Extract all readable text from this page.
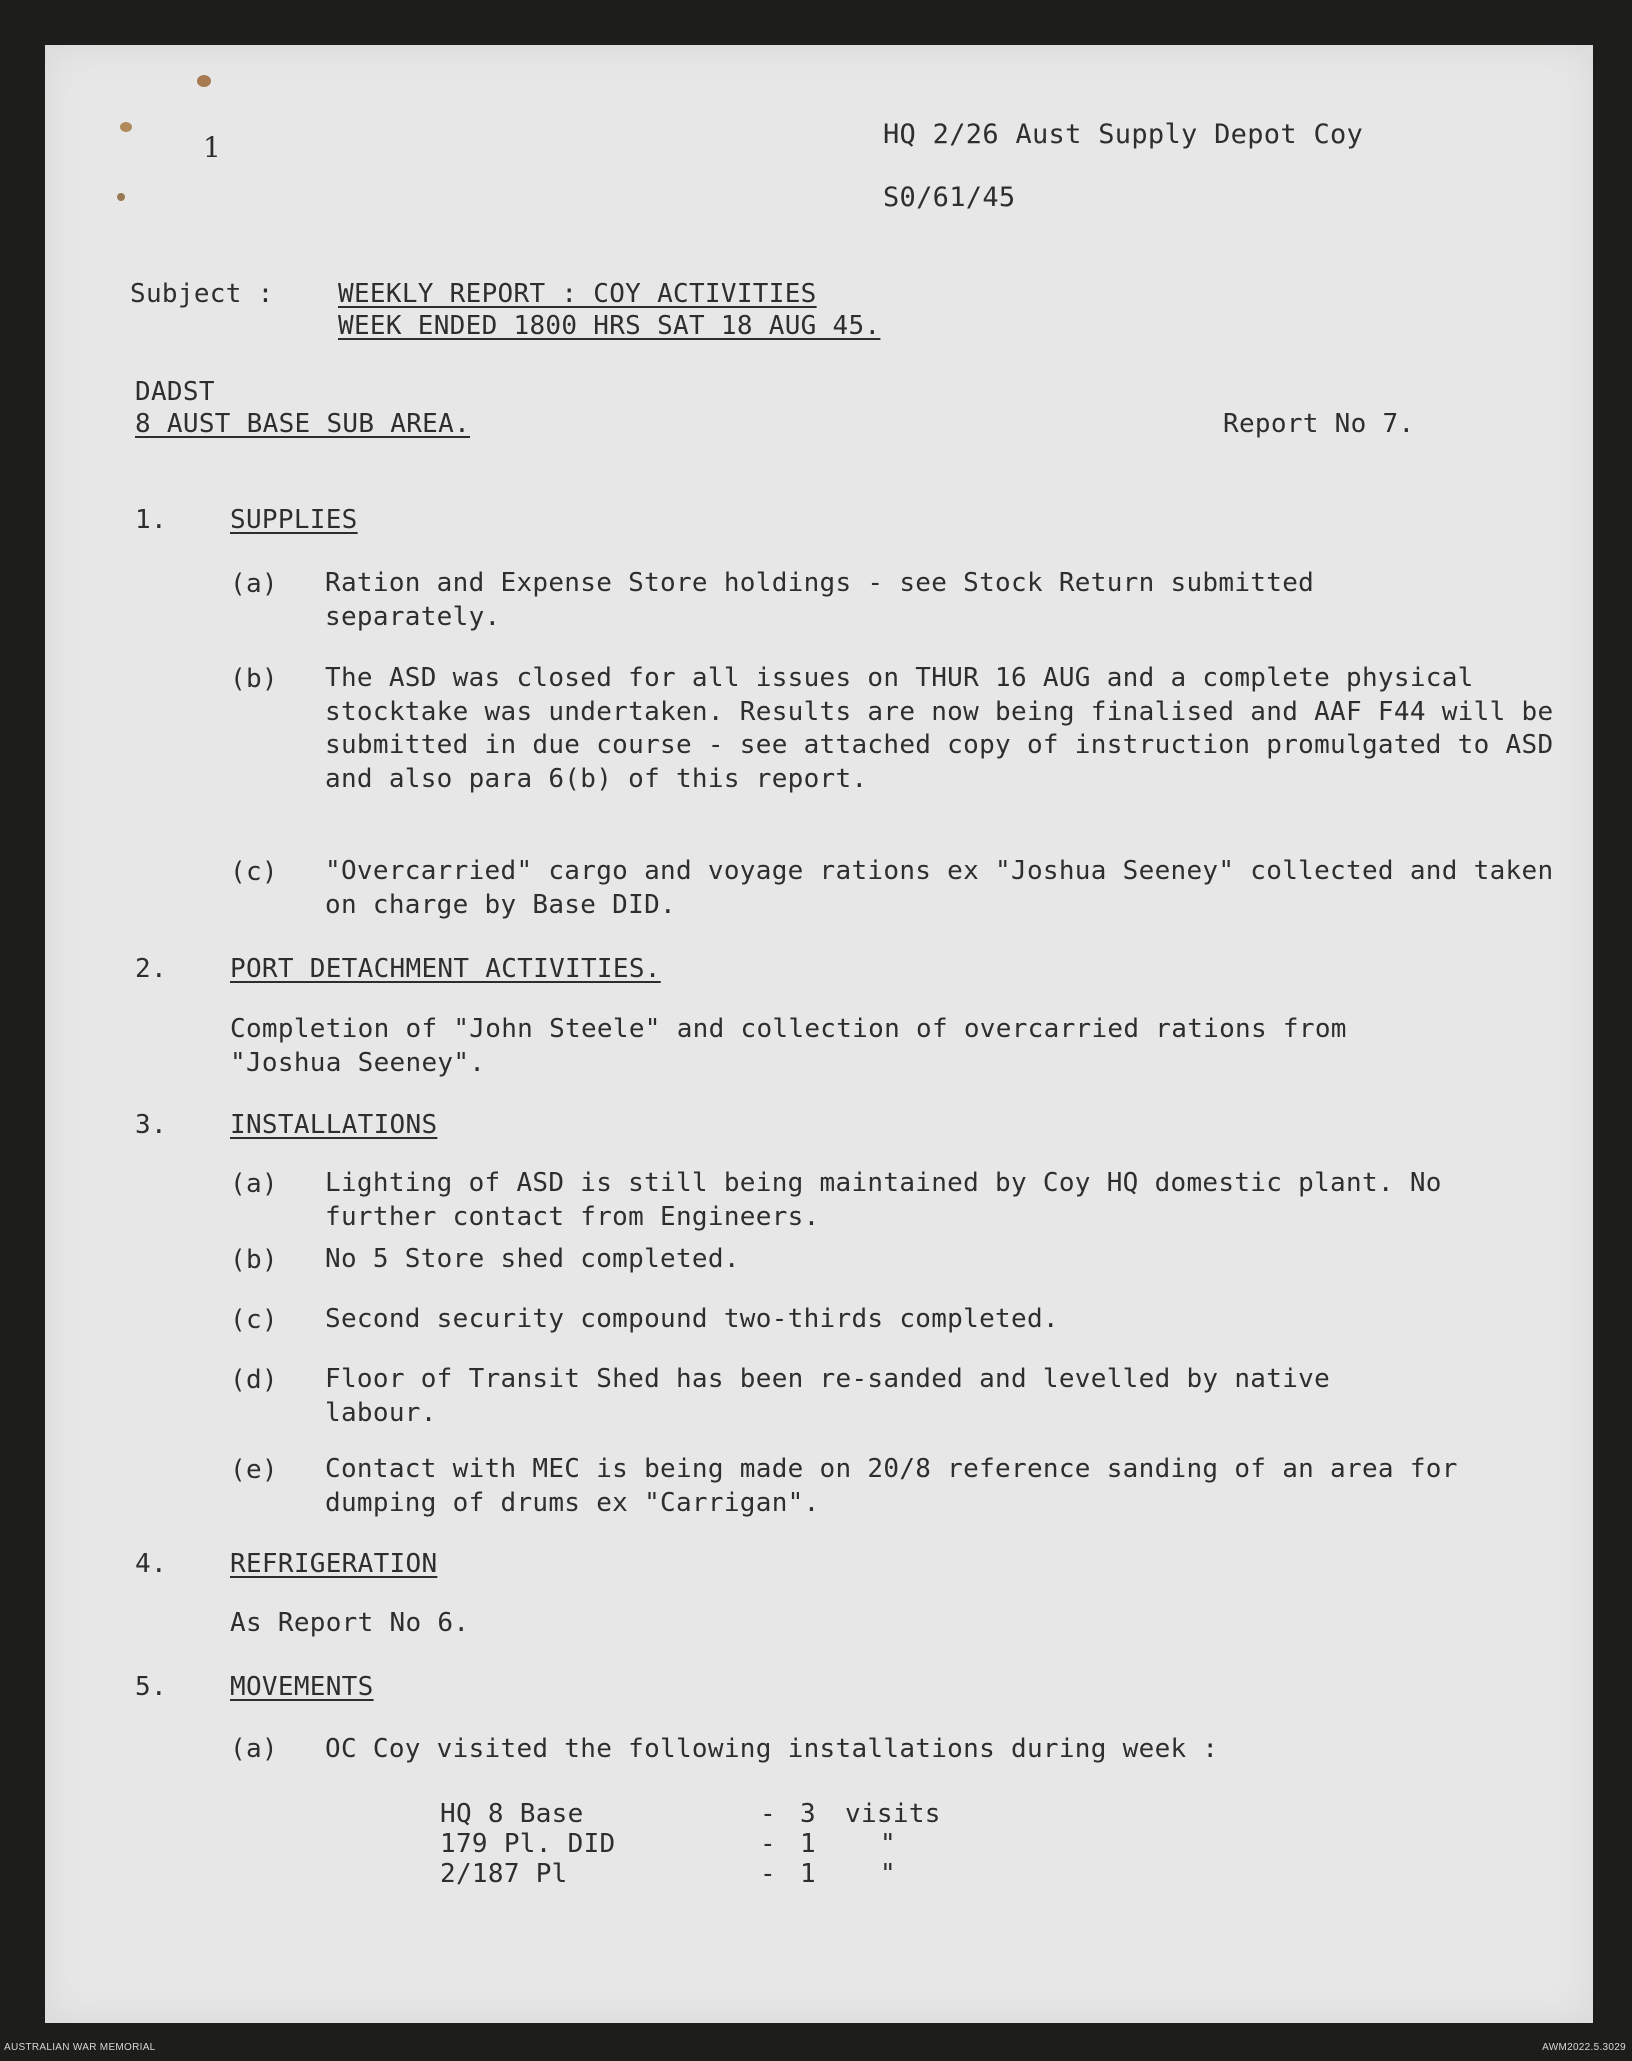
1	HQ 2/26 Aust Supply Depot Coy
S0/61/45
Subject : WEEKLY REPORT : COY ACTIVITIES
WEEK ENDED 1800 HRS SAT 18 AUG 45.
DADST
8 AUST BASE SUB AREA.	Report No 7.
1. SUPPLIES
(a) Ration and Expense Store holdings - see Stock Return submitted separately.
(b) The ASD was closed for all issues on THUR 16 AUG and a complete physical stocktake was undertaken. Results are now being finalised and AAF F44 will be submitted in due course - see attached copy of instruction promulgated to ASD and also para 6(b) of this report.
(c) "Overcarried" cargo and voyage rations ex "Joshua Seeney" collected and taken on charge by Base DID.
2. PORT DETACHMENT ACTIVITIES.
Completion of "John Steele" and collection of overcarried rations from "Joshua Seeney".
3. INSTALLATIONS
(a) Lighting of ASD is still being maintained by Coy HQ domestic plant. No further contact from Engineers.
(b) No 5 Store shed completed.
(c) Second security compound two-thirds completed.
(d) Floor of Transit Shed has been re-sanded and levelled by native labour.
(e) Contact with MEC is being made on 20/8 reference sanding of an area for dumping of drums ex "Carrigan".
4. REFRIGERATION
As Report No 6.
5. MOVEMENTS
(a) OC Coy visited the following installations during week :
HQ 8 Base	- 3 visits
179 Pl. DID	- 1 "
2/187 Pl	- 1 "
AUSTRALIAN WAR MEMORIAL	AWM2022.5.3029
